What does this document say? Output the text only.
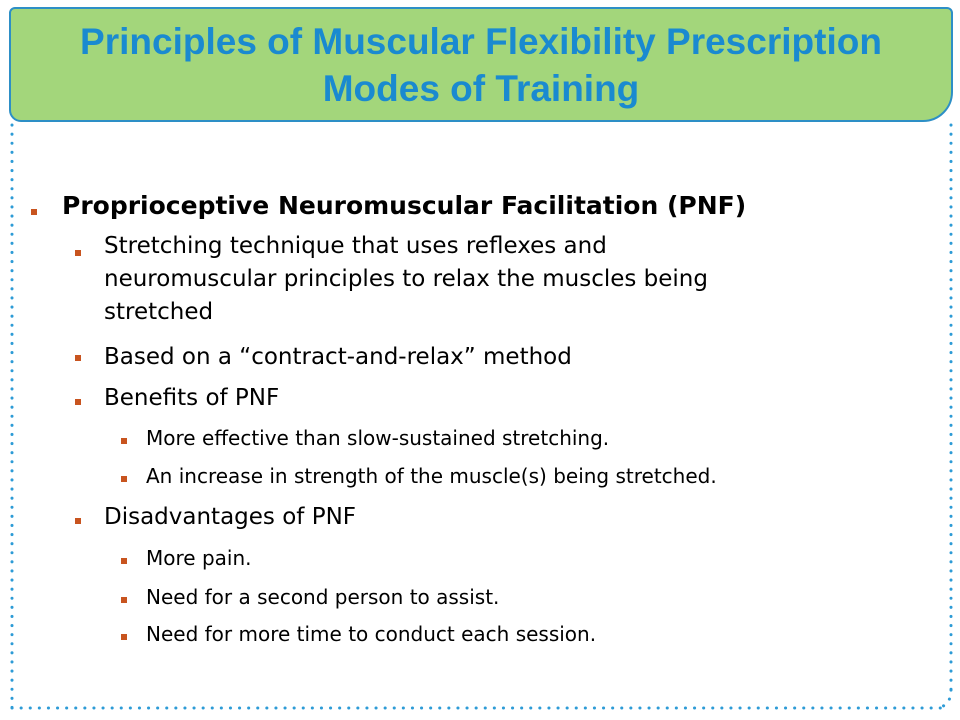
Principles of Muscular Flexibility Prescription
Modes of Training
Proprioceptive Neuromuscular Facilitation (PNF)
Stretching technique that uses reflexes and
neuromuscular principles to relax the muscles being
stretched
Based on a “contract-and-relax” method
Benefits of PNF
More effective than slow-sustained stretching.
An increase in strength of the muscle(s) being stretched.
Disadvantages of PNF
More pain.
Need for a second person to assist.
Need for more time to conduct each session.
